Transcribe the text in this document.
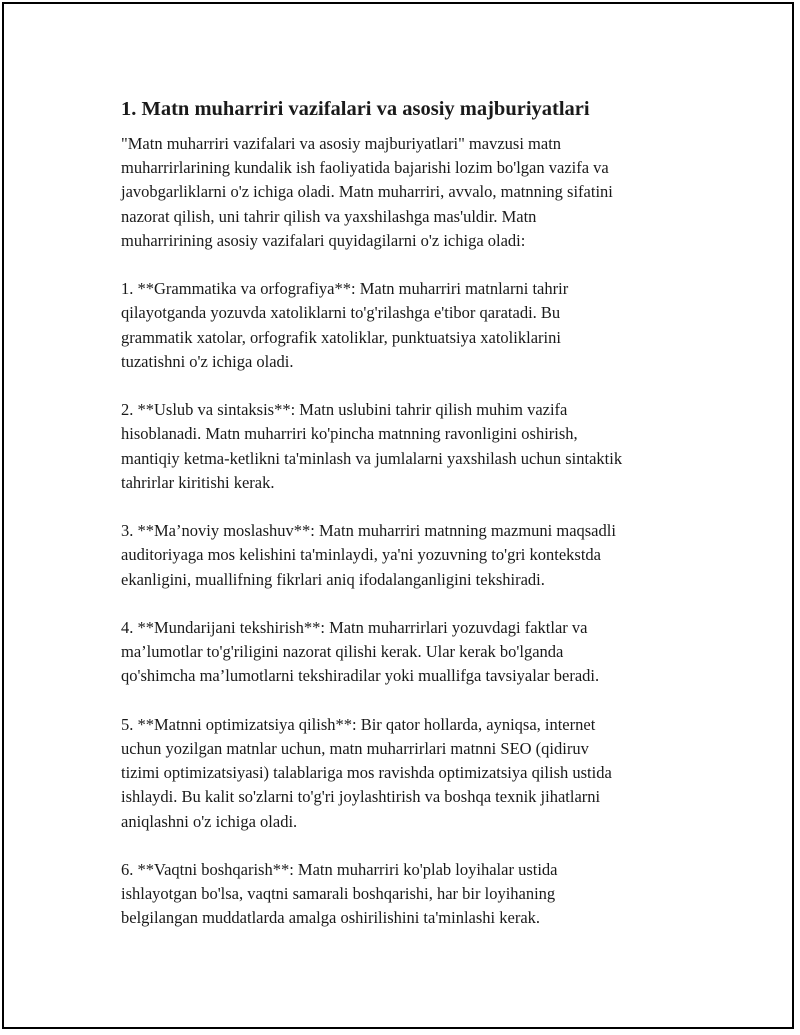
1. Matn muharriri vazifalari va asosiy majburiyatlari

"Matn muharriri vazifalari va asosiy majburiyatlari" mavzusi matn
muharrirlarining kundalik ish faoliyatida bajarishi lozim bo'lgan vazifa va
javobgarliklarni o'z ichiga oladi. Matn muharriri, avvalo, matnning sifatini
nazorat qilish, uni tahrir qilish va yaxshilashga mas'uldir. Matn
muharririning asosiy vazifalari quyidagilarni o'z ichiga oladi:

1. **Grammatika va orfografiya**: Matn muharriri matnlarni tahrir
qilayotganda yozuvda xatoliklarni to'g'rilashga e'tibor qaratadi. Bu
grammatik xatolar, orfografik xatoliklar, punktuatsiya xatoliklarini
tuzatishni o'z ichiga oladi.

2. **Uslub va sintaksis**: Matn uslubini tahrir qilish muhim vazifa
hisoblanadi. Matn muharriri ko'pincha matnning ravonligini oshirish,
mantiqiy ketma-ketlikni ta'minlash va jumlalarni yaxshilash uchun sintaktik
tahrirlar kiritishi kerak.

3. **Ma’noviy moslashuv**: Matn muharriri matnning mazmuni maqsadli
auditoriyaga mos kelishini ta'minlaydi, ya'ni yozuvning to'gri kontekstda
ekanligini, muallifning fikrlari aniq ifodalanganligini tekshiradi.

4. **Mundarijani tekshirish**: Matn muharrirlari yozuvdagi faktlar va
ma’lumotlar to'g'riligini nazorat qilishi kerak. Ular kerak bo'lganda
qo'shimcha ma’lumotlarni tekshiradilar yoki muallifga tavsiyalar beradi.

5. **Matnni optimizatsiya qilish**: Bir qator hollarda, ayniqsa, internet
uchun yozilgan matnlar uchun, matn muharrirlari matnni SEO (qidiruv
tizimi optimizatsiyasi) talablariga mos ravishda optimizatsiya qilish ustida
ishlaydi. Bu kalit so'zlarni to'g'ri joylashtirish va boshqa texnik jihatlarni
aniqlashni o'z ichiga oladi.

6. **Vaqtni boshqarish**: Matn muharriri ko'plab loyihalar ustida
ishlayotgan bo'lsa, vaqtni samarali boshqarishi, har bir loyihaning
belgilangan muddatlarda amalga oshirilishini ta'minlashi kerak.
